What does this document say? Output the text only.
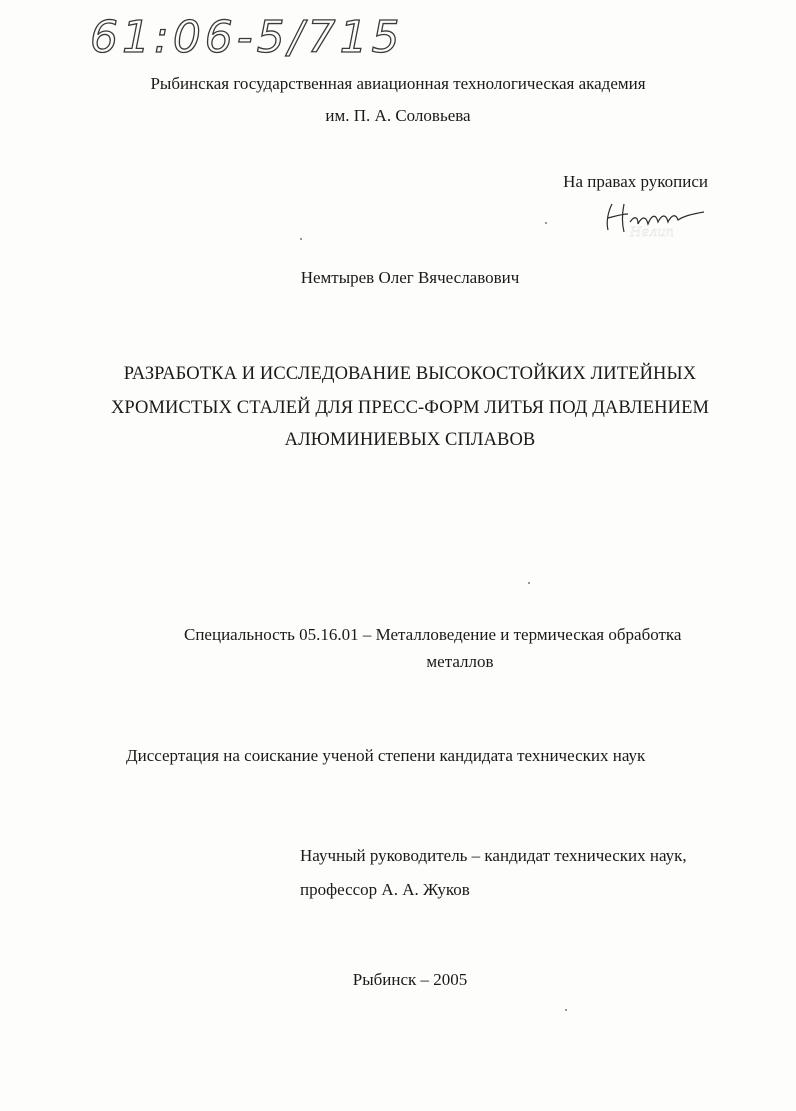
61:06-5/715
Рыбинская государственная авиационная технологическая академия
им. П. А. Соловьева
На правах рукописи
Нелип
Немтырев Олег Вячеславович
РАЗРАБОТКА И ИССЛЕДОВАНИЕ ВЫСОКОСТОЙКИХ ЛИТЕЙНЫХ
ХРОМИСТЫХ СТАЛЕЙ ДЛЯ ПРЕСС-ФОРМ ЛИТЬЯ ПОД ДАВЛЕНИЕМ
АЛЮМИНИЕВЫХ СПЛАВОВ
Специальность 05.16.01 – Металловедение и термическая обработка
металлов
Диссертация на соискание ученой степени кандидата технических наук
Научный руководитель – кандидат технических наук,
профессор А. А. Жуков
Рыбинск – 2005
